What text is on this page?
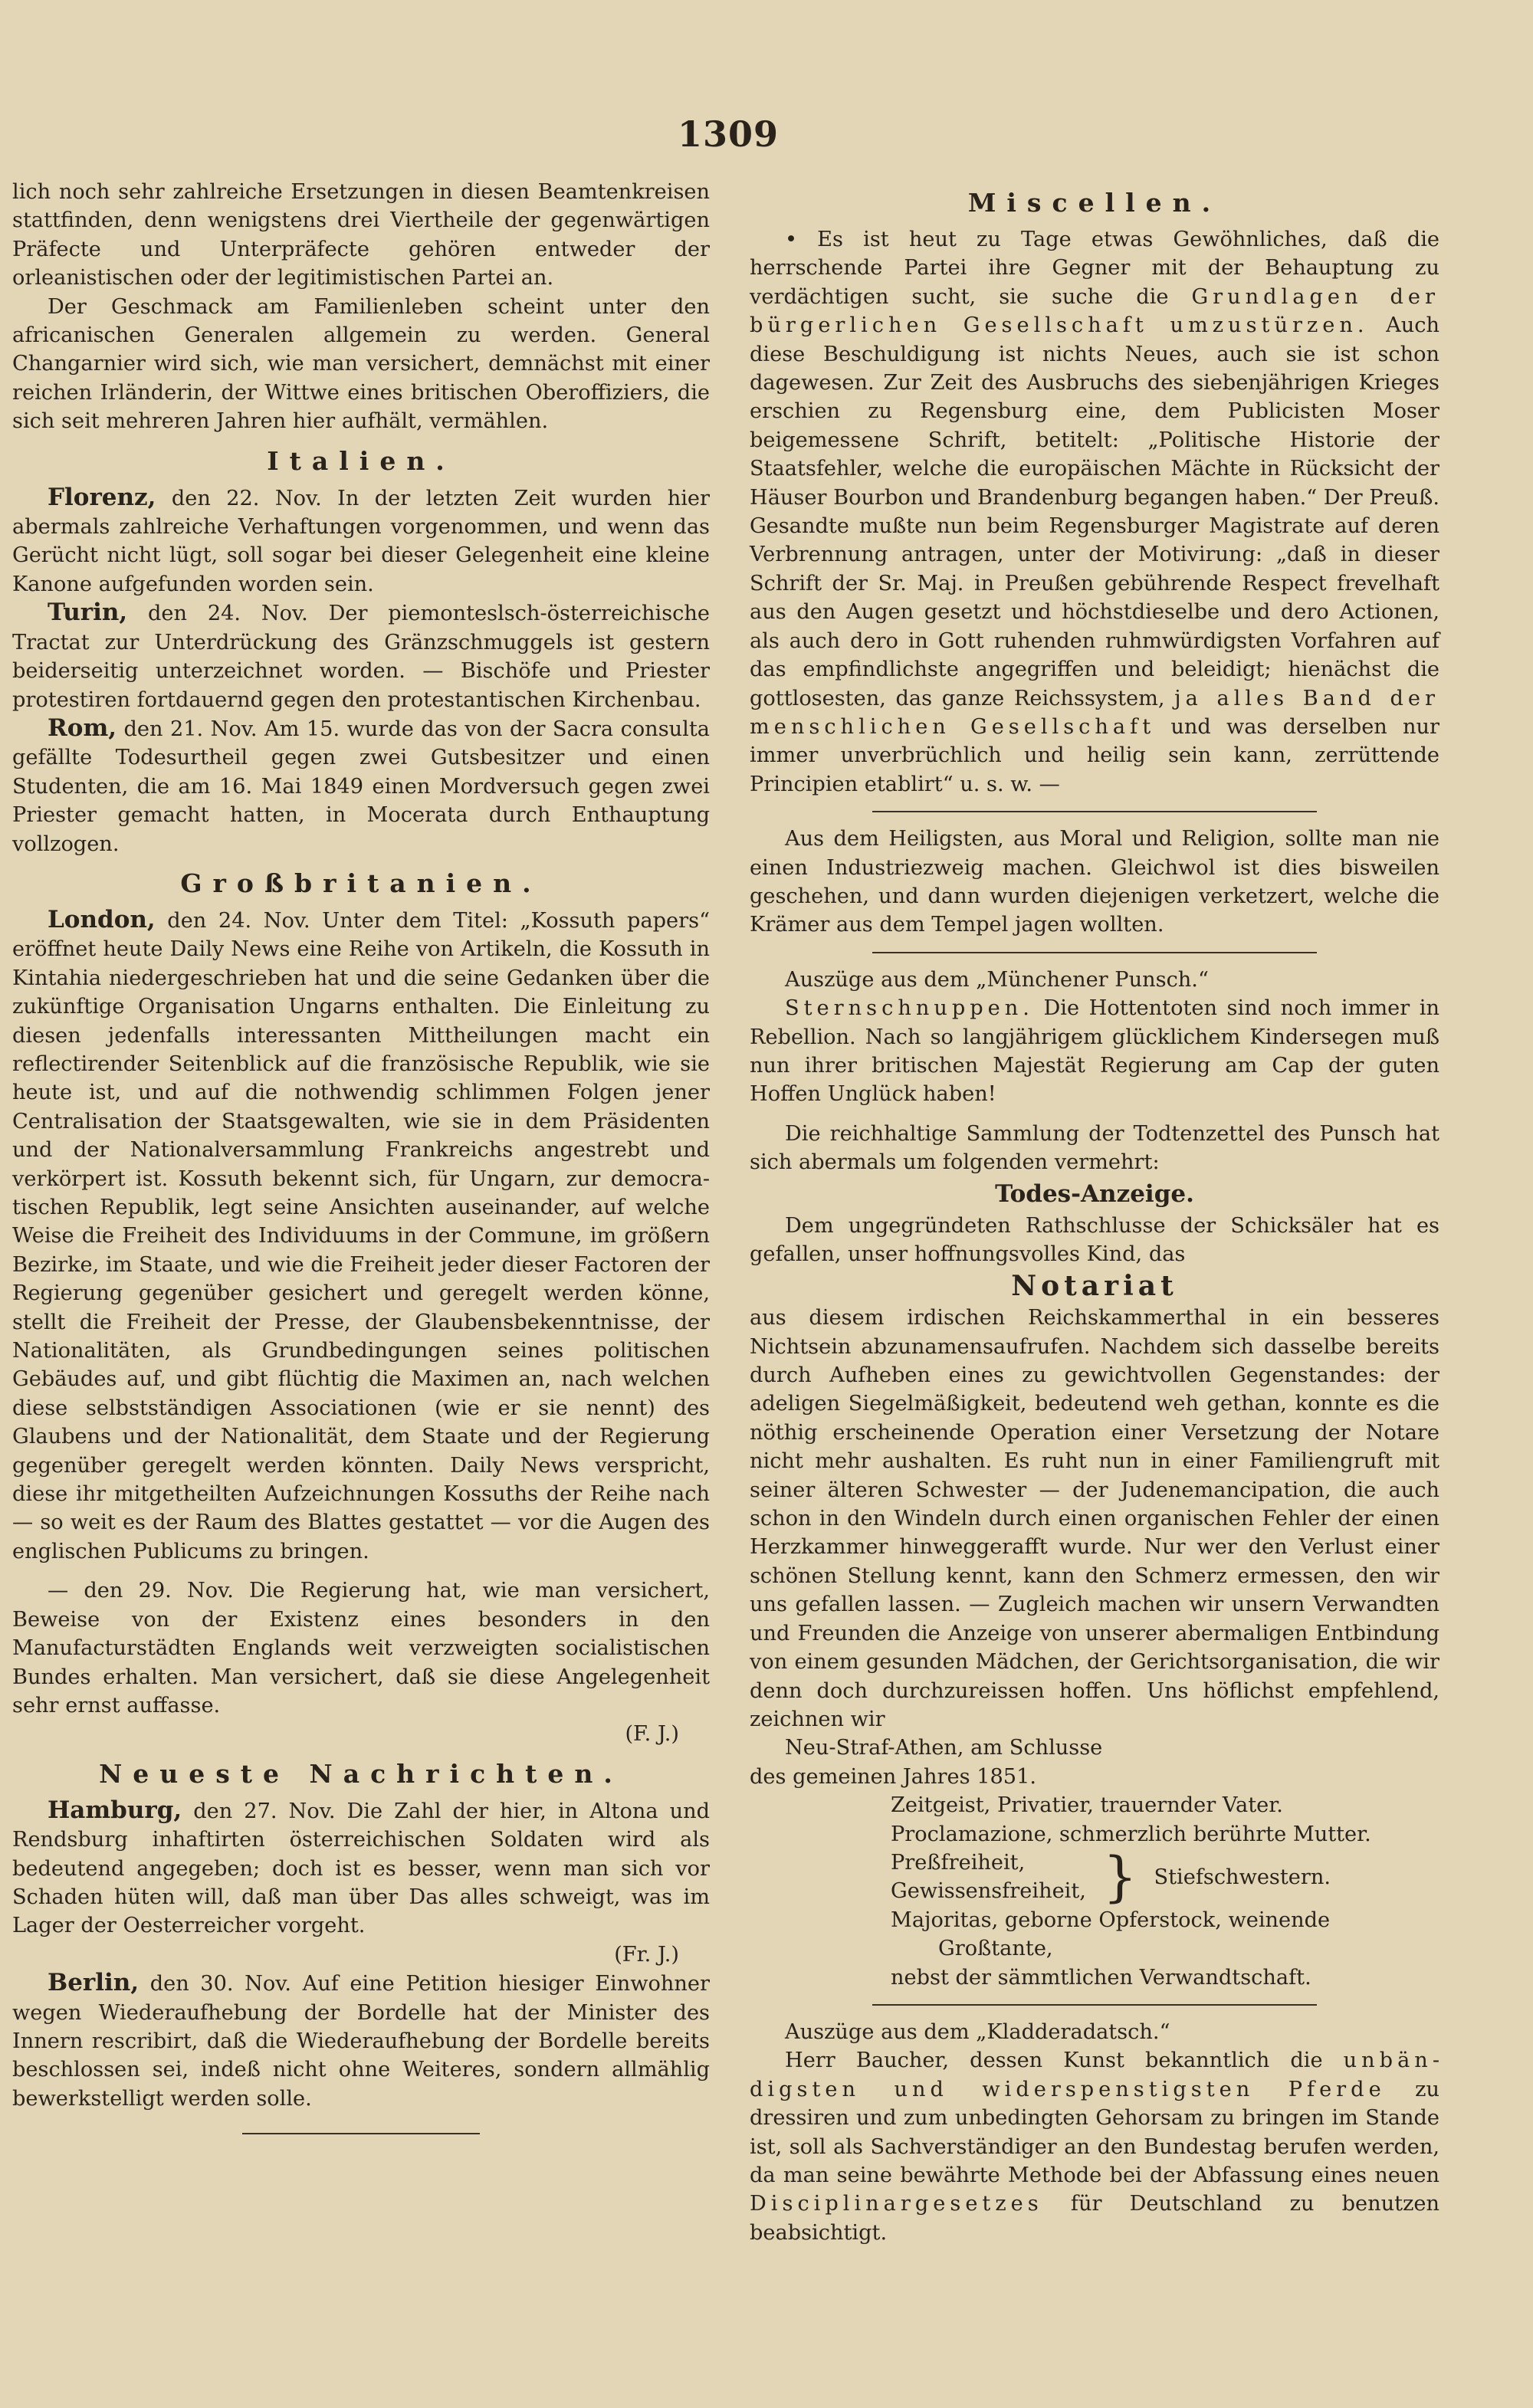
1309

lich noch sehr zahlreiche Ersetzungen in diesen Beamtenkreisen stattfinden, denn wenigstens drei Viertheile der gegenwärtigen Präfecte und Unterpräfecte gehören entweder der orleanistischen oder der legitimistischen Partei an.

Der Geschmack am Familienleben scheint unter den africanischen Generalen allgemein zu werden. General Changarnier wird sich, wie man versichert, demnächst mit einer reichen Irländerin, der Wittwe eines britischen Oberoffiziers, die sich seit mehreren Jahren hier aufhält, vermählen.

Italien.

Florenz, den 22. Nov. In der letzten Zeit wurden hier abermals zahlreiche Verhaftungen vorgenommen, und wenn das Gerücht nicht lügt, soll sogar bei dieser Gelegenheit eine kleine Kanone aufgefunden worden sein.

Turin, den 24. Nov. Der piemonteslsch-österreichische Tractat zur Unterdrückung des Gränzschmuggels ist gestern beiderseitig unterzeichnet worden. — Bischöfe und Priester protestiren fortdauernd gegen den protestantischen Kirchenbau.

Rom, den 21. Nov. Am 15. wurde das von der Sacra consulta gefällte Todesurtheil gegen zwei Gutsbesitzer und einen Studenten, die am 16. Mai 1849 einen Mordversuch gegen zwei Priester gemacht hatten, in Mocerata durch Enthauptung vollzogen.

Großbritanien.

London, den 24. Nov. Unter dem Titel: „Kossuth papers“ eröffnet heute Daily News eine Reihe von Artikeln, die Kossuth in Kintahia niedergeschrieben hat und die seine Gedanken über die zukünftige Organisation Ungarns enthalten. Die Einleitung zu diesen jedenfalls interessanten Mittheilungen macht ein reflectirender Seitenblick auf die französische Republik, wie sie heute ist, und auf die nothwendig schlimmen Folgen jener Centralisation der Staatsgewalten, wie sie in dem Präsidenten und der Nationalversammlung Frankreichs angestrebt und verkörpert ist. Kossuth bekennt sich, für Ungarn, zur democratischen Republik, legt seine Ansichten auseinander, auf welche Weise die Freiheit des Individuums in der Commune, im größern Bezirke, im Staate, und wie die Freiheit jeder dieser Factoren der Regierung gegenüber gesichert und geregelt werden könne, stellt die Freiheit der Presse, der Glaubensbekenntnisse, der Nationalitäten, als Grundbedingungen seines politischen Gebäudes auf, und gibt flüchtig die Maximen an, nach welchen diese selbstständigen Associationen (wie er sie nennt) des Glaubens und der Nationalität, dem Staate und der Regierung gegenüber geregelt werden könnten. Daily News verspricht, diese ihr mitgetheilten Aufzeichnungen Kossuths der Reihe nach — so weit es der Raum des Blattes gestattet — vor die Augen des englischen Publicums zu bringen.

— den 29. Nov. Die Regierung hat, wie man versichert, Beweise von der Existenz eines besonders in den Manufacturstädten Englands weit verzweigten socialistischen Bundes erhalten. Man versichert, daß sie diese Angelegenheit sehr ernst auffasse.

(F. J.)

Neueste Nachrichten.

Hamburg, den 27. Nov. Die Zahl der hier, in Altona und Rendsburg inhaftirten österreichischen Soldaten wird als bedeutend angegeben; doch ist es besser, wenn man sich vor Schaden hüten will, daß man über Das alles schweigt, was im Lager der Oesterreicher vorgeht.

(Fr. J.)

Berlin, den 30. Nov. Auf eine Petition hiesiger Einwohner wegen Wiederaufhebung der Bordelle hat der Minister des Innern rescribirt, daß die Wiederaufhebung der Bordelle bereits beschlossen sei, indeß nicht ohne Weiteres, sondern allmählig bewerkstelligt werden solle.

Miscellen.

• Es ist heut zu Tage etwas Gewöhnliches, daß die herrschende Partei ihre Gegner mit der Behauptung zu verdächtigen sucht, sie suche die Grundlagen der bürgerlichen Gesellschaft umzustürzen. Auch diese Beschuldigung ist nichts Neues, auch sie ist schon dagewesen. Zur Zeit des Ausbruchs des siebenjährigen Krieges erschien zu Regensburg eine, dem Publicisten Moser beigemessene Schrift, betitelt: „Politische Historie der Staatsfehler, welche die europäischen Mächte in Rücksicht der Häuser Bourbon und Brandenburg begangen haben.“ Der Preuß. Gesandte mußte nun beim Regensburger Magistrate auf deren Verbrennung antragen, unter der Motivirung: „daß in dieser Schrift der Sr. Maj. in Preußen gebührende Respect frevelhaft aus den Augen gesetzt und höchstdieselbe und dero Actionen, als auch dero in Gott ruhenden ruhmwürdigsten Vorfahren auf das empfindlichste angegriffen und beleidigt; hienächst die gottlosesten, das ganze Reichssystem, ja alles Band der menschlichen Gesellschaft und was derselben nur immer unverbrüchlich und heilig sein kann, zerrüttende Principien etablirt“ u. s. w. —

Aus dem Heiligsten, aus Moral und Religion, sollte man nie einen Industriezweig machen. Gleichwol ist dies bisweilen geschehen, und dann wurden diejenigen verketzert, welche die Krämer aus dem Tempel jagen wollten.

Auszüge aus dem „Münchener Punsch.“

Sternschnuppen. Die Hottentoten sind noch immer in Rebellion. Nach so langjährigem glücklichem Kindersegen muß nun ihrer britischen Majestät Regierung am Cap der guten Hoffen Unglück haben!

Die reichhaltige Sammlung der Todtenzettel des Punsch hat sich abermals um folgenden vermehrt:

Todes-Anzeige.

Dem ungegründeten Rathschlusse der Schicksäler hat es gefallen, unser hoffnungsvolles Kind, das

Notariat

aus diesem irdischen Reichskammerthal in ein besseres Nichtsein abzunamensaufrufen. Nachdem sich dasselbe bereits durch Aufheben eines zu gewichtvollen Gegenstandes: der adeligen Siegelmäßigkeit, bedeutend weh gethan, konnte es die nöthig erscheinende Operation einer Versetzung der Notare nicht mehr aushalten. Es ruht nun in einer Familiengruft mit seiner älteren Schwester — der Judenemancipation, die auch schon in den Windeln durch einen organischen Fehler der einen Herzkammer hinweggerafft wurde. Nur wer den Verlust einer schönen Stellung kennt, kann den Schmerz ermessen, den wir uns gefallen lassen. — Zugleich machen wir unsern Verwandten und Freunden die Anzeige von unserer abermaligen Entbindung von einem gesunden Mädchen, der Gerichtsorganisation, die wir denn doch durchzureissen hoffen. Uns höflichst empfehlend, zeichnen wir

Neu-Straf-Athen, am Schlusse

des gemeinen Jahres 1851.

Zeitgeist, Privatier, trauernder Vater.

Proclamazione, schmerzlich berührte Mutter.

Preßfreiheit,
Gewissensfreiheit, } Stiefschwestern.

Majoritas, geborne Opferstock, weinende

Großtante,

nebst der sämmtlichen Verwandtschaft.

Auszüge aus dem „Kladderadatsch.“

Herr Baucher, dessen Kunst bekanntlich die unbändigsten und widerspenstigsten Pferde zu dressiren und zum unbedingten Gehorsam zu bringen im Stande ist, soll als Sachverständiger an den Bundestag berufen werden, da man seine bewährte Methode bei der Abfassung eines neuen Disciplinargesetzes für Deutschland zu benutzen beabsichtigt.
